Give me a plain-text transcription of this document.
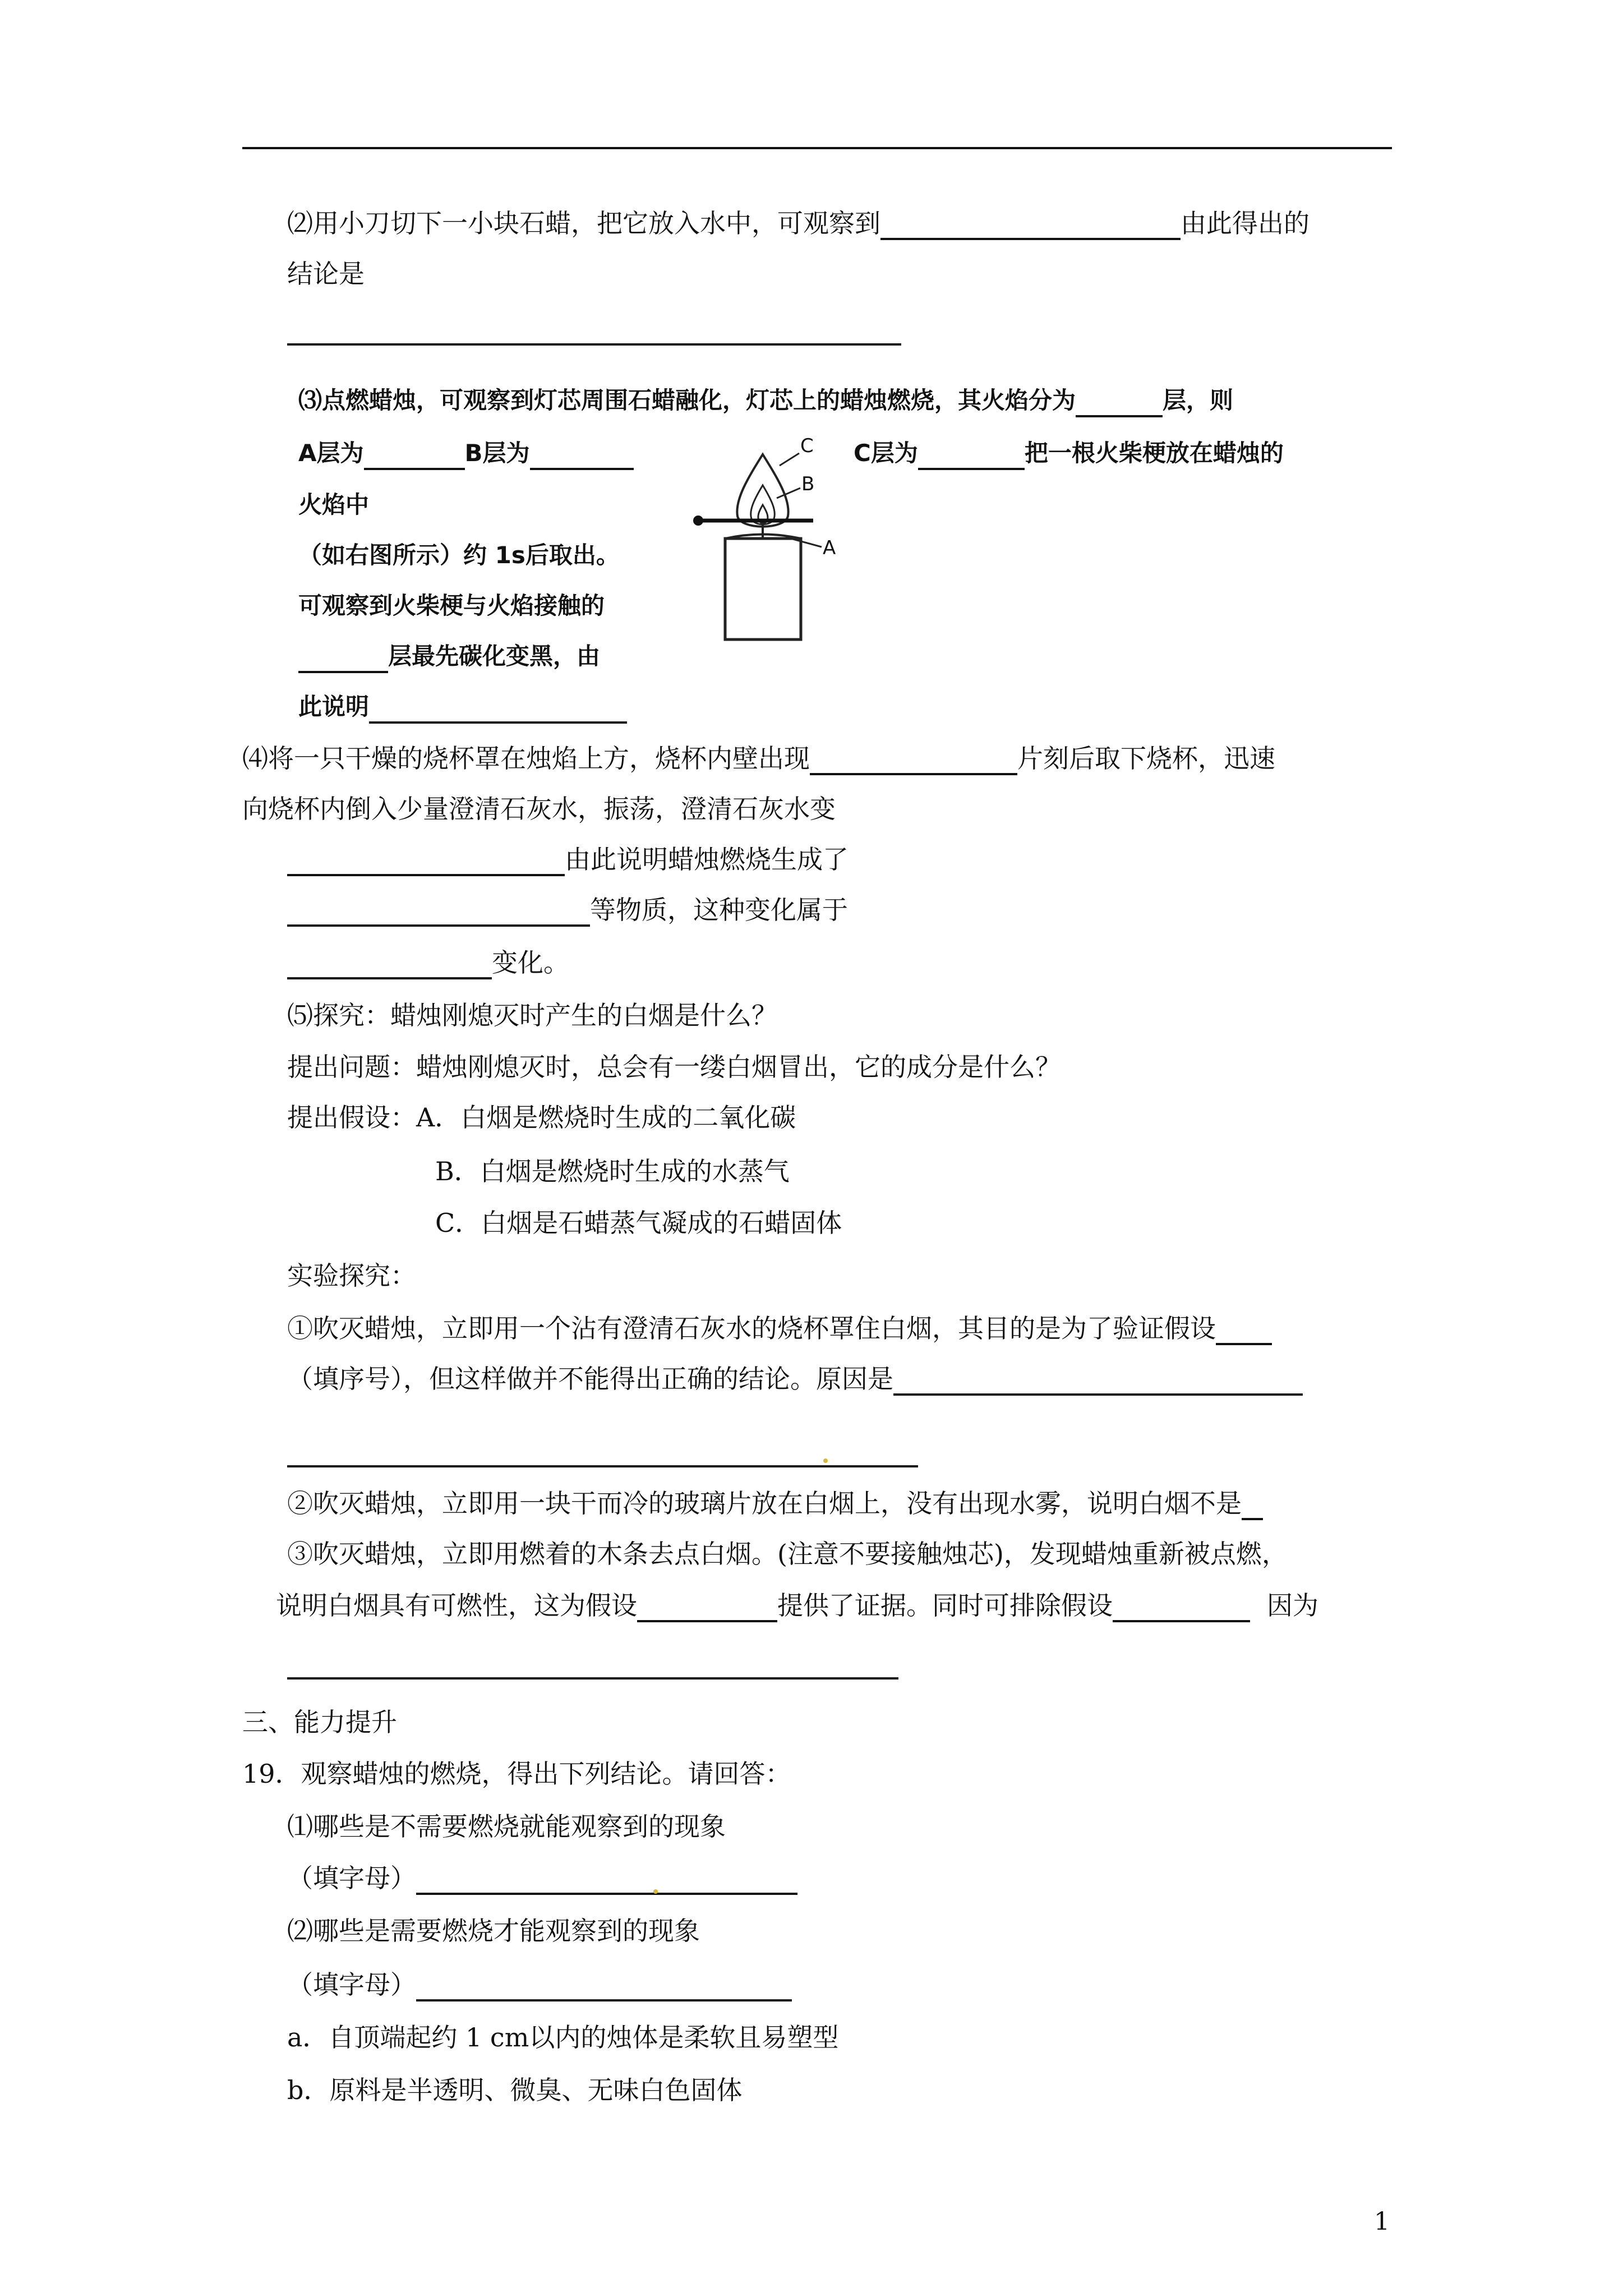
⑵用小刀切下一小块石蜡，把它放入水中，可观察到	由此得出的
结论是
⑶点燃蜡烛，可观察到灯芯周围石蜡融化，灯芯上的蜡烛燃烧，其火焰分为	层，则
A层为	B层为	C层为	把一根火柴梗放在蜡烛的
火焰中
（如右图所示）约 1s后取出。
可观察到火柴梗与火焰接触的
层最先碳化变黑，由
此说明
C
B
A
⑷将一只干燥的烧杯罩在烛焰上方，烧杯内壁出现	片刻后取下烧杯，迅速
向烧杯内倒入少量澄清石灰水，振荡，澄清石灰水变
由此说明蜡烛燃烧生成了
等物质，这种变化属于
变化。
⑸探究：蜡烛刚熄灭时产生的白烟是什么？
提出问题：蜡烛刚熄灭时，总会有一缕白烟冒出，它的成分是什么？
提出假设：A．白烟是燃烧时生成的二氧化碳
B．白烟是燃烧时生成的水蒸气
C．白烟是石蜡蒸气凝成的石蜡固体
实验探究：
①吹灭蜡烛，立即用一个沾有澄清石灰水的烧杯罩住白烟，其目的是为了验证假设
（填序号），但这样做并不能得出正确的结论。原因是
②吹灭蜡烛，立即用一块干而冷的玻璃片放在白烟上，没有出现水雾，说明白烟不是
③吹灭蜡烛，立即用燃着的木条去点白烟。(注意不要接触烛芯)，发现蜡烛重新被点燃，
说明白烟具有可燃性，这为假设	提供了证据。同时可排除假设	因为
三、能力提升
19．观察蜡烛的燃烧，得出下列结论。请回答：
⑴哪些是不需要燃烧就能观察到的现象
（填字母）
⑵哪些是需要燃烧才能观察到的现象
（填字母）
a．自顶端起约 1 cm以内的烛体是柔软且易塑型
b．原料是半透明、微臭、无味白色固体
1
